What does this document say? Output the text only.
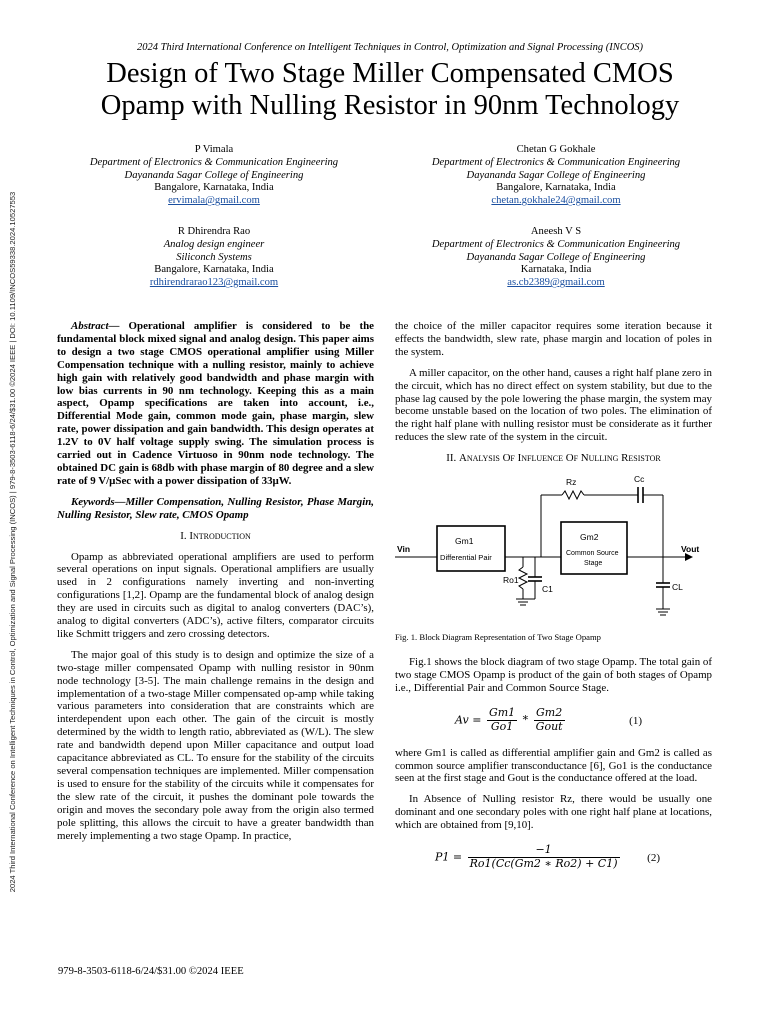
2024 Third International Conference on Intelligent Techniques in Control, Optimization and Signal Processing (INCOS) | 979-8-3503-6118-6/24/$31.00 ©2024 IEEE | DOI: 10.1109/INCOS59338.2024.10527553
2024 Third International Conference on Intelligent Techniques in Control, Optimization and Signal Processing (INCOS)
Design of Two Stage Miller Compensated CMOS
Opamp with Nulling Resistor in 90nm Technology
P Vimala
Department of Electronics & Communication Engineering
Dayananda Sagar College of Engineering
Bangalore, Karnataka, India
ervimala@gmail.com
Chetan G Gokhale
Department of Electronics & Communication Engineering
Dayananda Sagar College of Engineering
Bangalore, Karnataka, India
chetan.gokhale24@gmail.com
R Dhirendra Rao
Analog design engineer
Siliconch Systems
Bangalore, Karnataka, India
rdhirendrarao123@gmail.com
Aneesh V S
Department of Electronics & Communication Engineering
Dayananda Sagar College of Engineering
Karnataka, India
as.cb2389@gmail.com

Abstract— Operational amplifier is considered to be the fundamental block mixed signal and analog design. This paper aims to design a two stage CMOS operational amplifier using Miller Compensation technique with a nulling resistor, mainly to achieve high gain with relatively good bandwidth and phase margin with low bias currents in 90 nm technology. Keeping this as a main aspect, Opamp specifications are taken into account, i.e., Differential Mode gain, common mode gain, phase margin, slew rate, power dissipation and gain bandwidth. This design operates at 1.2V to 0V half voltage supply swing. The simulation process is carried out in Cadence Virtuoso in 90nm node technology. The obtained DC gain is 68db with phase margin of 80 degree and a slew rate of 9 V/µSec with a power dissipation of 33µW.

Keywords—Miller Compensation, Nulling Resistor, Phase Margin, Nulling Resistor, Slew rate, CMOS Opamp

I. Introduction

Opamp as abbreviated operational amplifiers are used to perform several operations on input signals. Operational amplifiers are usually used in 2 configurations namely inverting and non-inverting configurations [1,2]. Opamp are the fundamental block of analog design they are used in circuits such as digital to analog converters (DAC’s), analog to digital converters (ADC’s), active filters, comparator circuits like Schmitt triggers and zero crossing detectors.

The major goal of this study is to design and optimize the size of a two-stage miller compensated Opamp with nulling resistor in 90nm node technology [3-5]. The main challenge remains in the design and implementation of a two-stage Miller compensated op-amp while taking various parameters into consideration that are constraints which are interdependent upon each other. The gain of the circuit is mostly determined by the width to length ratio, abbreviated as (W/L). The slew rate and bandwidth depend upon Miller capacitance and output load capacitance abbreviated as CL. To ensure for the stability of the circuits several compensation techniques are implemented. Miller compensation is used to ensure for the stability of the circuits while it compensates for the slew rate of the circuit, it pushes the dominant pole towards the origin and moves the secondary pole away from the origin also termed pole splitting, this allows the circuit to have a greater bandwidth than merely implementing a two stage Opamp. In practice,

the choice of the miller capacitor requires some iteration because it effects the bandwidth, slew rate, phase margin and location of poles in the system.

A miller capacitor, on the other hand, causes a right half plane zero in the circuit, which has no direct effect on system stability, but due to the phase lag caused by the pole lowering the phase margin, the system may become unstable based on the location of two poles. The elimination of the right half plane with nulling resistor must be considerate as it further reduces the slew rate of the system in the circuit.

II. Analysis Of Influence Of Nulling Resistor
Vin	Vout
Gm1
Differential Pair
Gm2
Common Source
Stage
Rz	Cc
Ro1
C1	CL
Fig. 1. Block Diagram Representation of Two Stage Opamp

Fig.1 shows the block diagram of two stage Opamp. The total gain of two stage CMOS Opamp is product of the gain of both stages of Opamp i.e., Differential Pair and Common Source Stage.

$Av = \frac{Gm1}{Go1} * \frac{Gm2}{\text{Gout}}$	(1)

where Gm1 is called as differential amplifier gain and Gm2 is called as common source amplifier transconductance [6], Go1 is the conductance seen at the first stage and Gout is the conductance offered at the load.

In Absence of Nulling resistor Rz, there would be usually one dominant and one secondary poles with one right half plane at locations, which are obtained from [9,10].

$P1 = \frac{-1}{Ro1(Cc(Gm2 ∗ Ro2) + C1)}$	(2)
979-8-3503-6118-6/24/$31.00 ©2024 IEEE
